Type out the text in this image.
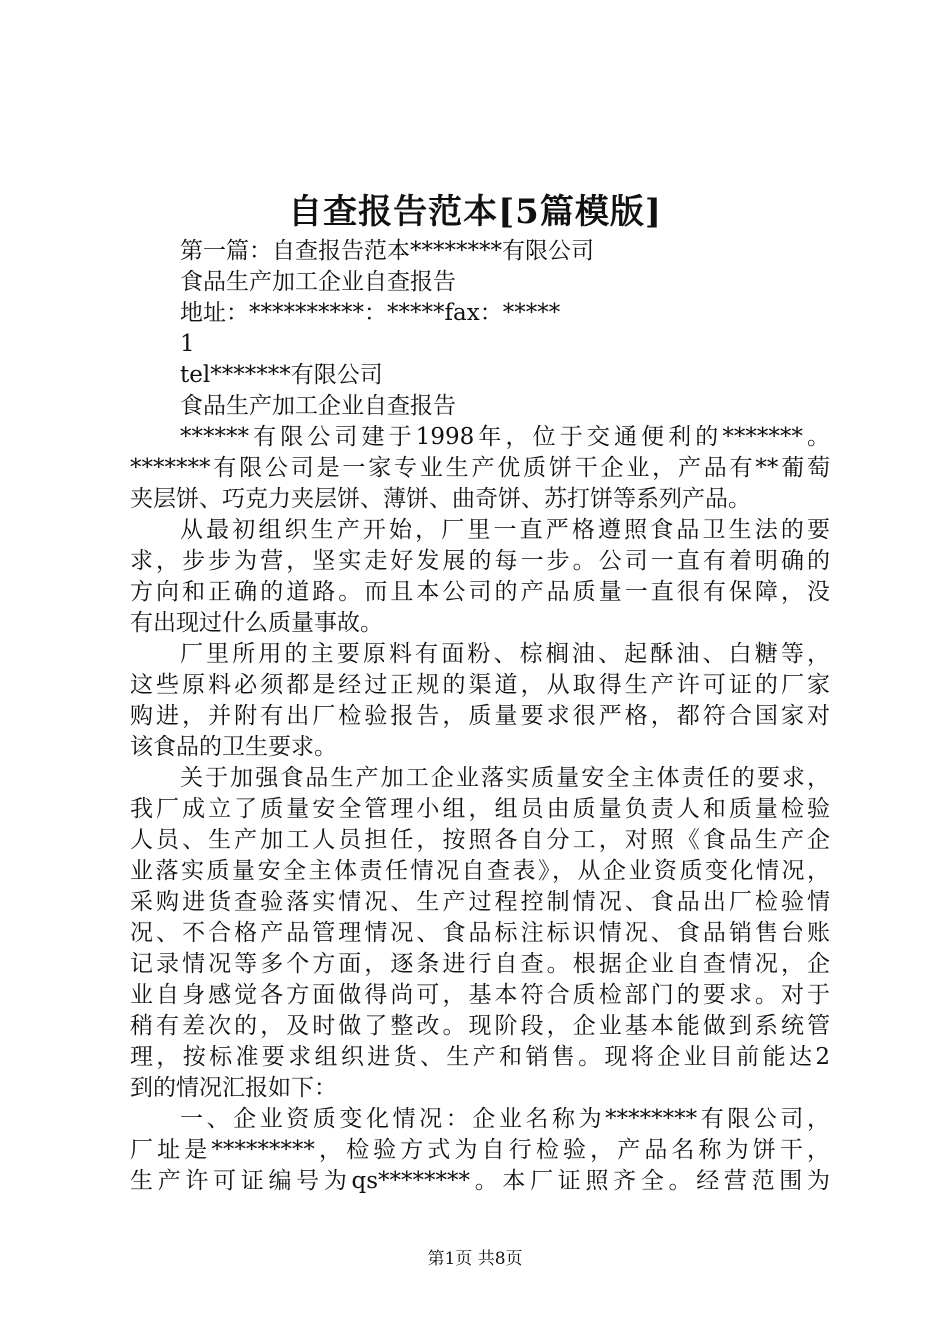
自查报告范本[5篇模版]
第一篇：自查报告范本********有限公司
食品生产加工企业自查报告
地址：**********：*****fax：*****
1
tel*******有限公司
食品生产加工企业自查报告
******有限公司建于1998年，位于交通便利的*******。
*******有限公司是一家专业生产优质饼干企业，产品有**葡萄
夹层饼、巧克力夹层饼、薄饼、曲奇饼、苏打饼等系列产品。
从最初组织生产开始，厂里一直严格遵照食品卫生法的要
求，步步为营，坚实走好发展的每一步。公司一直有着明确的
方向和正确的道路。而且本公司的产品质量一直很有保障，没
有出现过什么质量事故。
厂里所用的主要原料有面粉、棕榈油、起酥油、白糖等，
这些原料必须都是经过正规的渠道，从取得生产许可证的厂家
购进，并附有出厂检验报告，质量要求很严格，都符合国家对
该食品的卫生要求。
关于加强食品生产加工企业落实质量安全主体责任的要求，
我厂成立了质量安全管理小组，组员由质量负责人和质量检验
人员、生产加工人员担任，按照各自分工，对照《食品生产企
业落实质量安全主体责任情况自查表》，从企业资质变化情况，
采购进货查验落实情况、生产过程控制情况、食品出厂检验情
况、不合格产品管理情况、食品标注标识情况、食品销售台账
记录情况等多个方面，逐条进行自查。根据企业自查情况，企
业自身感觉各方面做得尚可，基本符合质检部门的要求。对于
稍有差次的，及时做了整改。现阶段，企业基本能做到系统管
理，按标准要求组织进货、生产和销售。现将企业目前能达2
到的情况汇报如下：
一、企业资质变化情况：企业名称为********有限公司，
厂址是*********，检验方式为自行检验，产品名称为饼干，
生产许可证编号为qs********。本厂证照齐全。经营范围为
第1页 共8页
